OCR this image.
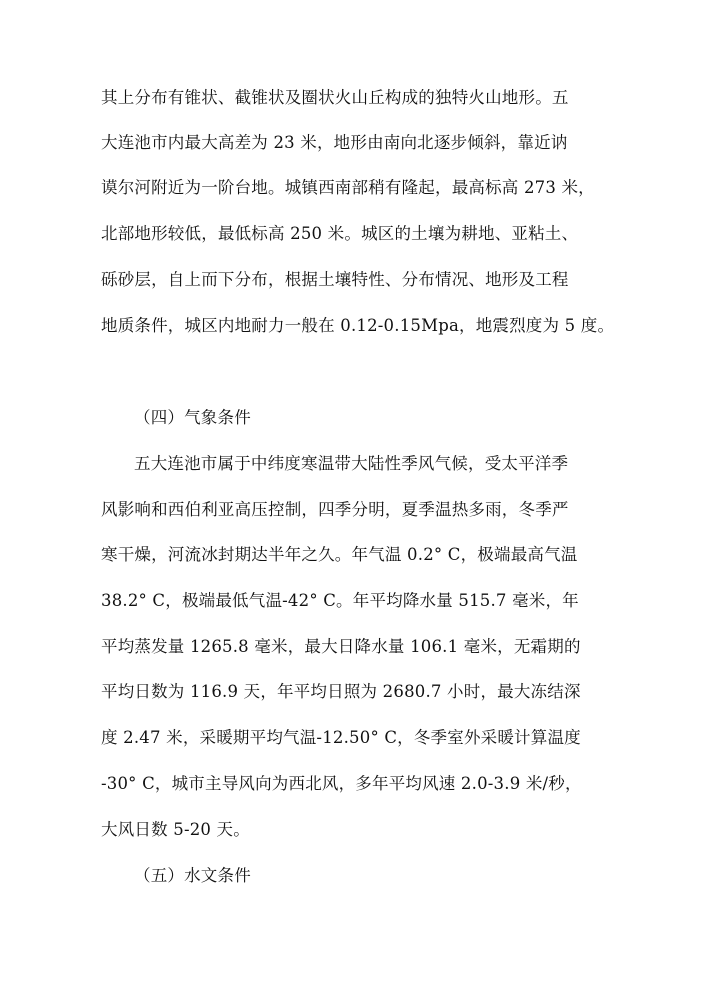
其上分布有锥状、截锥状及圈状火山丘构成的独特火山地形。五
大连池市内最大高差为 23 米，地形由南向北逐步倾斜，靠近讷
谟尔河附近为一阶台地。城镇西南部稍有隆起，最高标高 273 米，
北部地形较低，最低标高 250 米。城区的土壤为耕地、亚粘土、
砾砂层，自上而下分布，根据土壤特性、分布情况、地形及工程
地质条件，城区内地耐力一般在 0.12-0.15Mpa，地震烈度为 5 度。
（四）气象条件
五大连池市属于中纬度寒温带大陆性季风气候，受太平洋季
风影响和西伯利亚高压控制，四季分明，夏季温热多雨，冬季严
寒干燥，河流冰封期达半年之久。年气温 0.2° C，极端最高气温
38.2° C，极端最低气温-42° C。年平均降水量 515.7 毫米，年
平均蒸发量 1265.8 毫米，最大日降水量 106.1 毫米，无霜期的
平均日数为 116.9 天，年平均日照为 2680.7 小时，最大冻结深
度 2.47 米，采暖期平均气温-12.50° C，冬季室外采暖计算温度
-30° C，城市主导风向为西北风，多年平均风速 2.0-3.9 米/秒，
大风日数 5-20 天。
（五）水文条件
